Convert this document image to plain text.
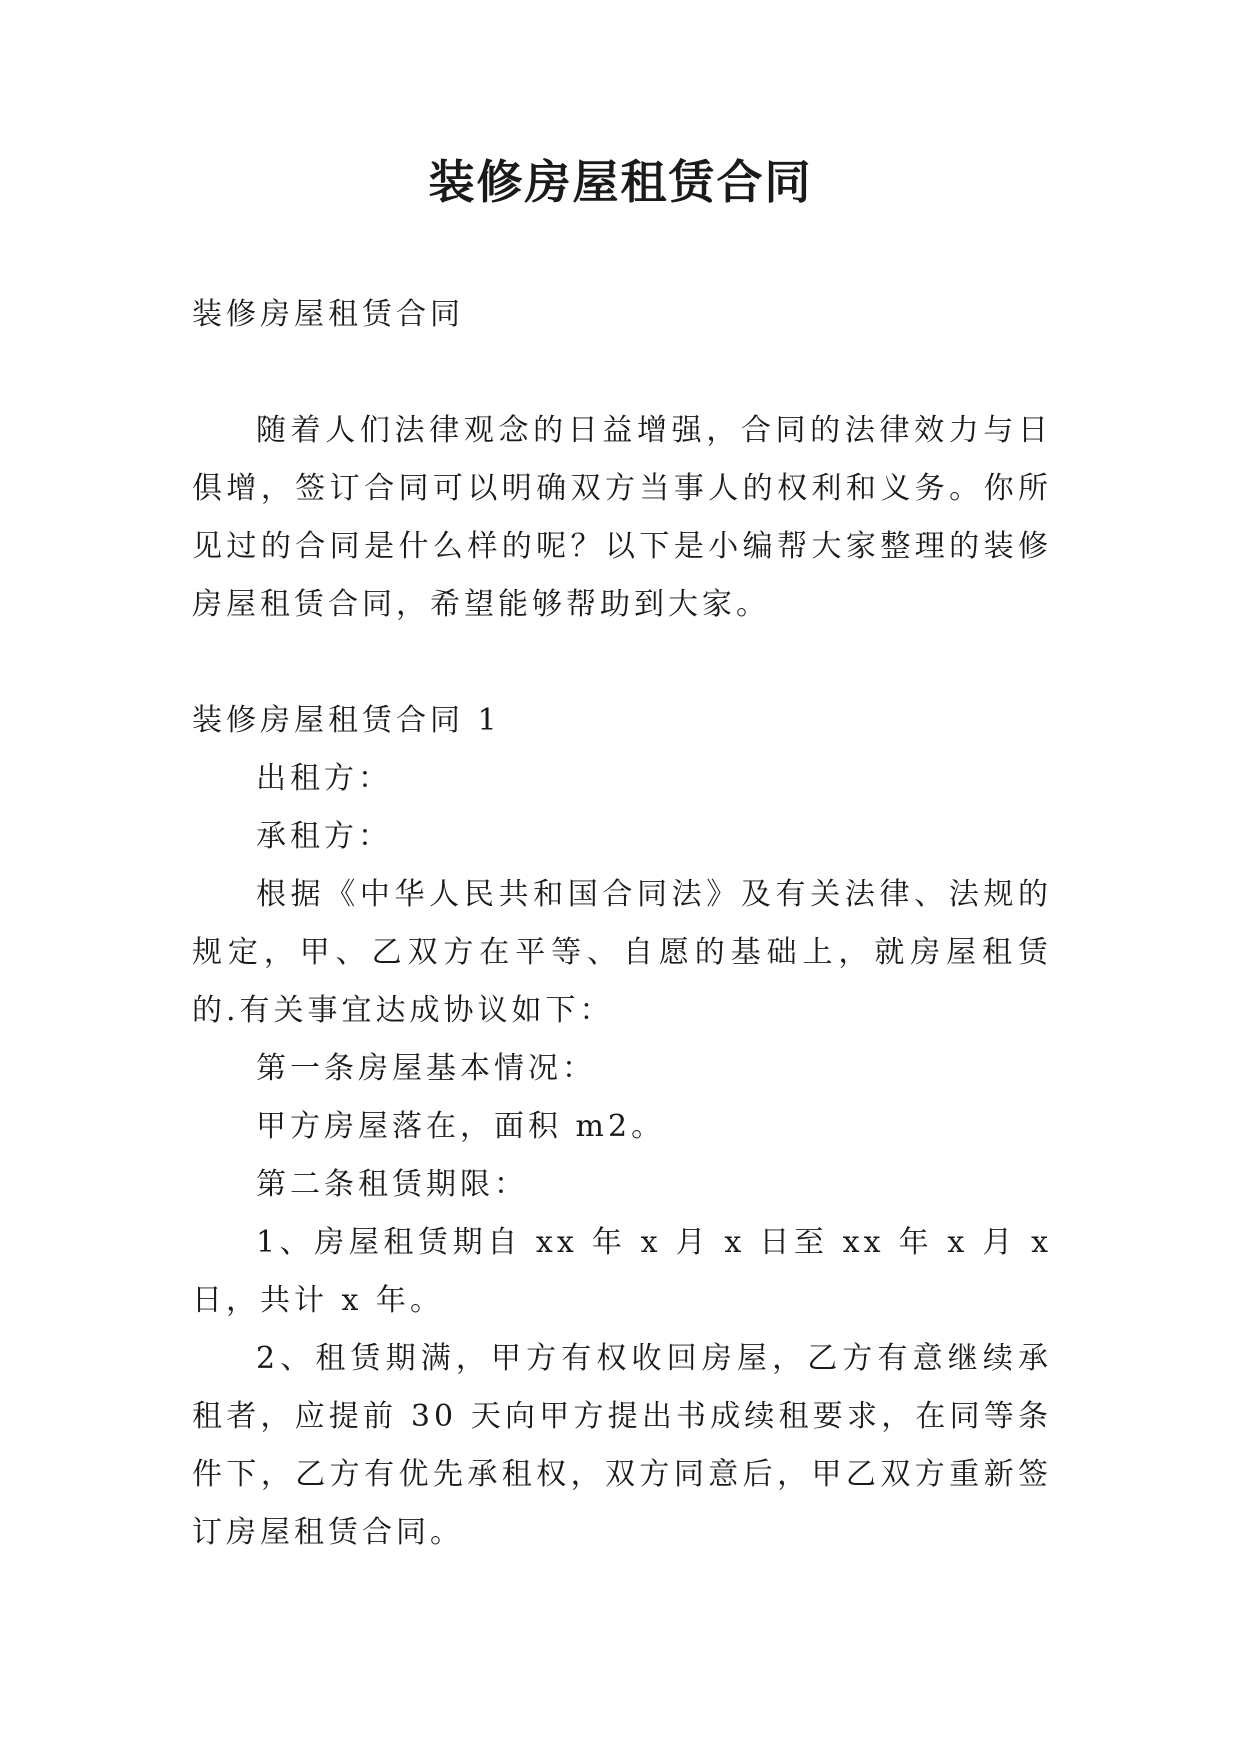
装修房屋租赁合同

装修房屋租赁合同

随着人们法律观念的日益增强，合同的法律效力与日俱增，签订合同可以明确双方当事人的权利和义务。你所见过的合同是什么样的呢？以下是小编帮大家整理的装修房屋租赁合同，希望能够帮助到大家。

装修房屋租赁合同 1

出租方：

承租方：

根据《中华人民共和国合同法》及有关法律、法规的规定，甲、乙双方在平等、自愿的基础上，就房屋租赁的.有关事宜达成协议如下：

第一条房屋基本情况：

甲方房屋落在，面积 m2。

第二条租赁期限：

1、房屋租赁期自 xx 年 x 月 x 日至 xx 年 x 月 x 日，共计 x 年。

2、租赁期满，甲方有权收回房屋，乙方有意继续承租者，应提前 30 天向甲方提出书成续租要求，在同等条件下，乙方有优先承租权，双方同意后，甲乙双方重新签订房屋租赁合同。
